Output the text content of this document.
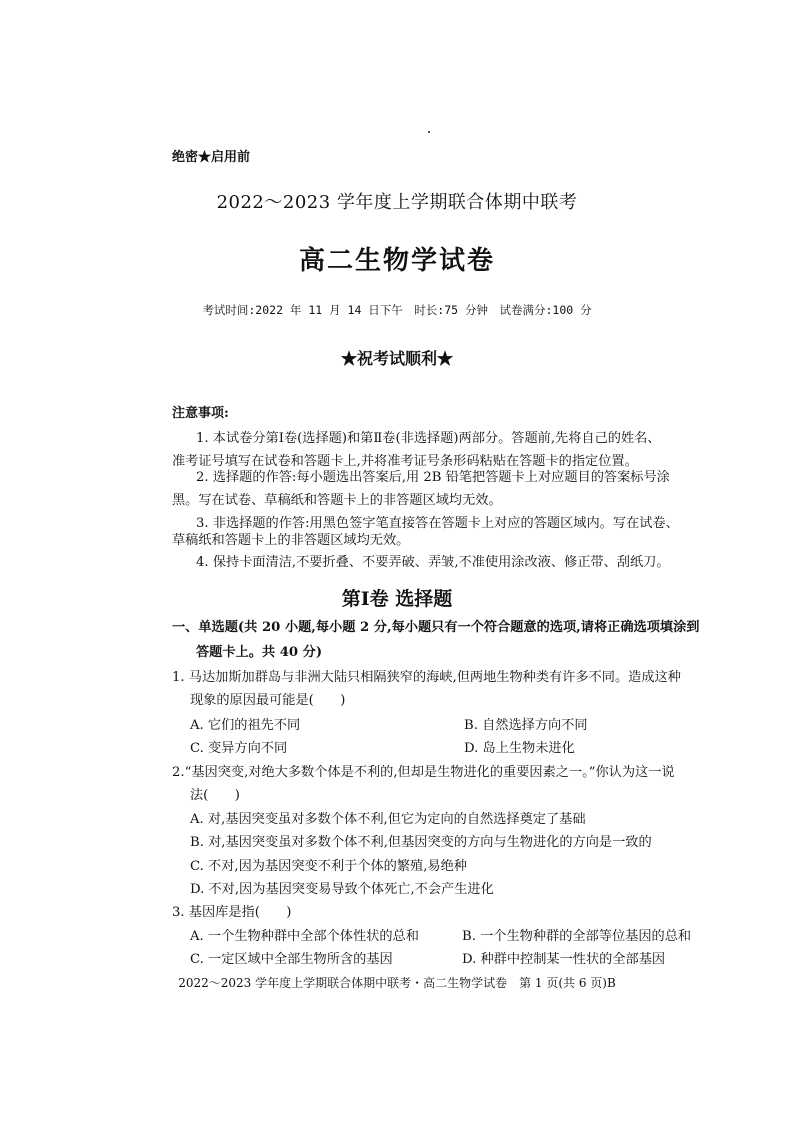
绝密★启用前
2022～2023 学年度上学期联合体期中联考
高二生物学试卷
考试时间:2022 年 11 月 14 日下午　时长:75 分钟　试卷满分:100 分
★祝考试顺利★
注意事项:
1. 本试卷分第Ⅰ卷(选择题)和第Ⅱ卷(非选择题)两部分。答题前,先将自己的姓名、
准考证号填写在试卷和答题卡上,并将准考证号条形码粘贴在答题卡的指定位置。
2. 选择题的作答:每小题选出答案后,用 2B 铅笔把答题卡上对应题目的答案标号涂
黑。写在试卷、草稿纸和答题卡上的非答题区域均无效。
3. 非选择题的作答:用黑色签字笔直接答在答题卡上对应的答题区域内。写在试卷、
草稿纸和答题卡上的非答题区域均无效。
4. 保持卡面清洁,不要折叠、不要弄破、弄皱,不准使用涂改液、修正带、刮纸刀。
第Ⅰ卷 选择题
一、单选题(共 20 小题,每小题 2 分,每小题只有一个符合题意的选项,请将正确选项填涂到
答题卡上。共 40 分)
1. 马达加斯加群岛与非洲大陆只相隔狭窄的海峡,但两地生物种类有许多不同。造成这种
现象的原因最可能是(　　)
A. 它们的祖先不同	B. 自然选择方向不同
C. 变异方向不同	D. 岛上生物未进化
2.“基因突变,对绝大多数个体是不利的,但却是生物进化的重要因素之一。”你认为这一说
法(　　)
A. 对,基因突变虽对多数个体不利,但它为定向的自然选择奠定了基础
B. 对,基因突变虽对多数个体不利,但基因突变的方向与生物进化的方向是一致的
C. 不对,因为基因突变不利于个体的繁殖,易绝种
D. 不对,因为基因突变易导致个体死亡,不会产生进化
3. 基因库是指(　　)
A. 一个生物种群中全部个体性状的总和	B. 一个生物种群的全部等位基因的总和
C. 一定区域中全部生物所含的基因	D. 种群中控制某一性状的全部基因
2022～2023 学年度上学期联合体期中联考・高二生物学试卷　第 1 页(共 6 页)B
